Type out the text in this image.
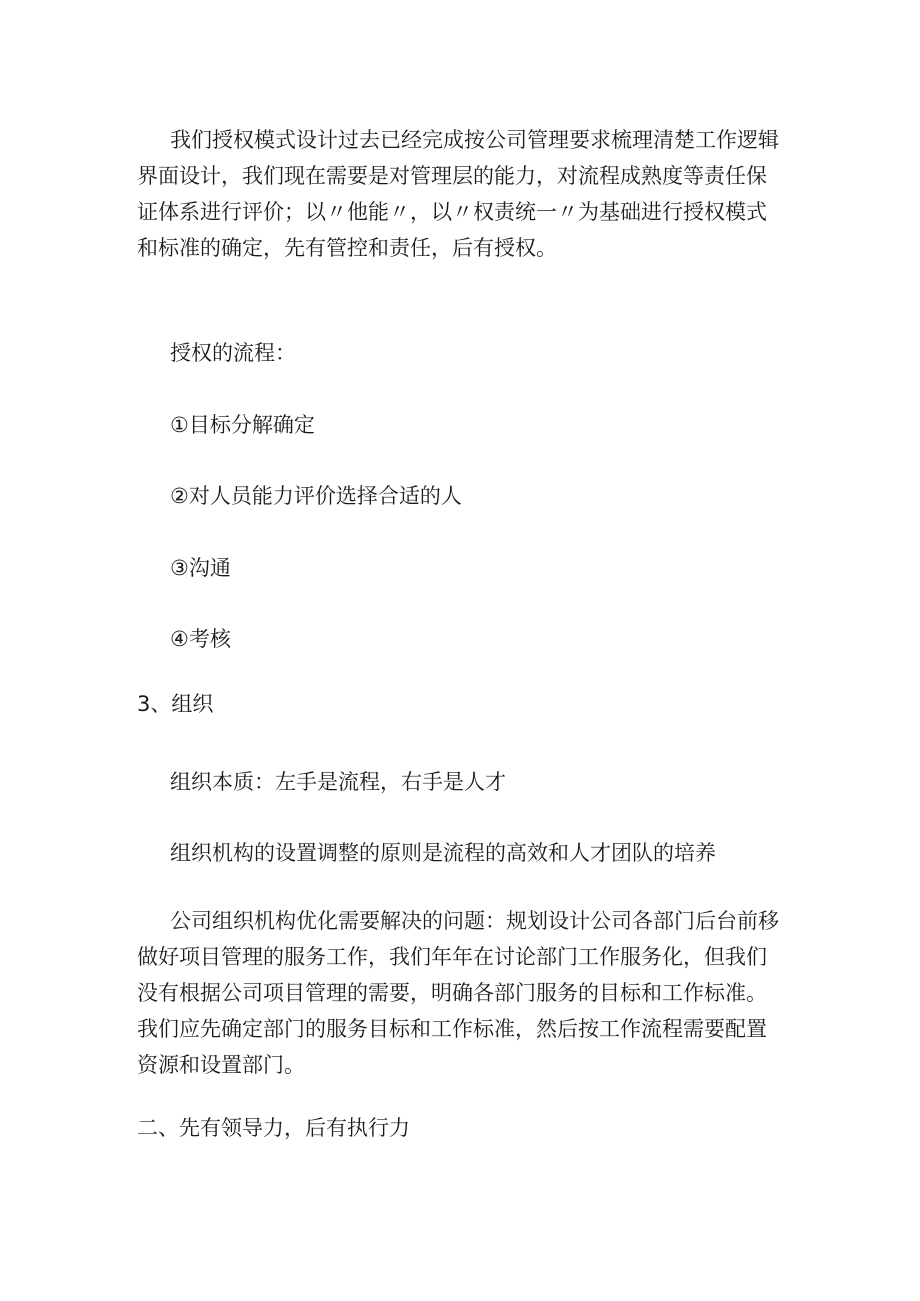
我们授权模式设计过去已经完成按公司管理要求梳理清楚工作逻辑界面设计，我们现在需要是对管理层的能力，对流程成熟度等责任保证体系进行评价；以〃他能〃，以〃权责统一〃为基础进行授权模式和标准的确定，先有管控和责任，后有授权。

授权的流程：

①目标分解确定

②对人员能力评价选择合适的人

③沟通

④考核

3、组织

组织本质：左手是流程，右手是人才

组织机构的设置调整的原则是流程的高效和人才团队的培养

公司组织机构优化需要解决的问题：规划设计公司各部门后台前移做好项目管理的服务工作，我们年年在讨论部门工作服务化，但我们没有根据公司项目管理的需要，明确各部门服务的目标和工作标准。我们应先确定部门的服务目标和工作标准，然后按工作流程需要配置资源和设置部门。

二、先有领导力，后有执行力
